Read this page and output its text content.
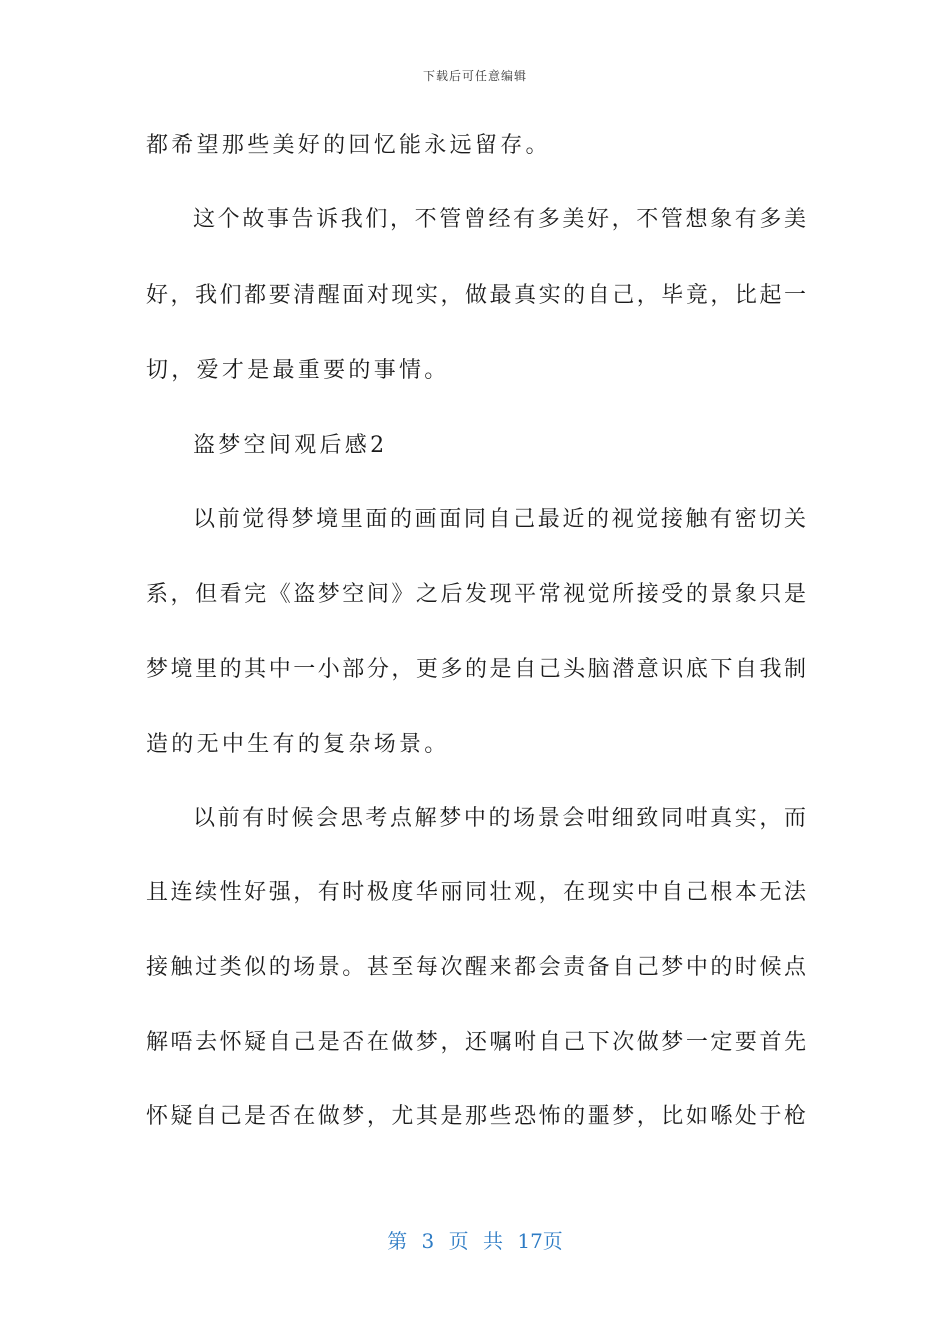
下载后可任意编辑
都希望那些美好的回忆能永远留存。
这个故事告诉我们，不管曾经有多美好，不管想象有多美
好，我们都要清醒面对现实，做最真实的自己，毕竟，比起一
切，爱才是最重要的事情。
盗梦空间观后感2
以前觉得梦境里面的画面同自己最近的视觉接触有密切关
系，但看完《盗梦空间》之后发现平常视觉所接受的景象只是
梦境里的其中一小部分，更多的是自己头脑潜意识底下自我制
造的无中生有的复杂场景。
以前有时候会思考点解梦中的场景会咁细致同咁真实，而
且连续性好强，有时极度华丽同壮观，在现实中自己根本无法
接触过类似的场景。甚至每次醒来都会责备自己梦中的时候点
解唔去怀疑自己是否在做梦，还嘱咐自己下次做梦一定要首先
怀疑自己是否在做梦，尤其是那些恐怖的噩梦，比如喺处于枪
第 3 页 共 17页
